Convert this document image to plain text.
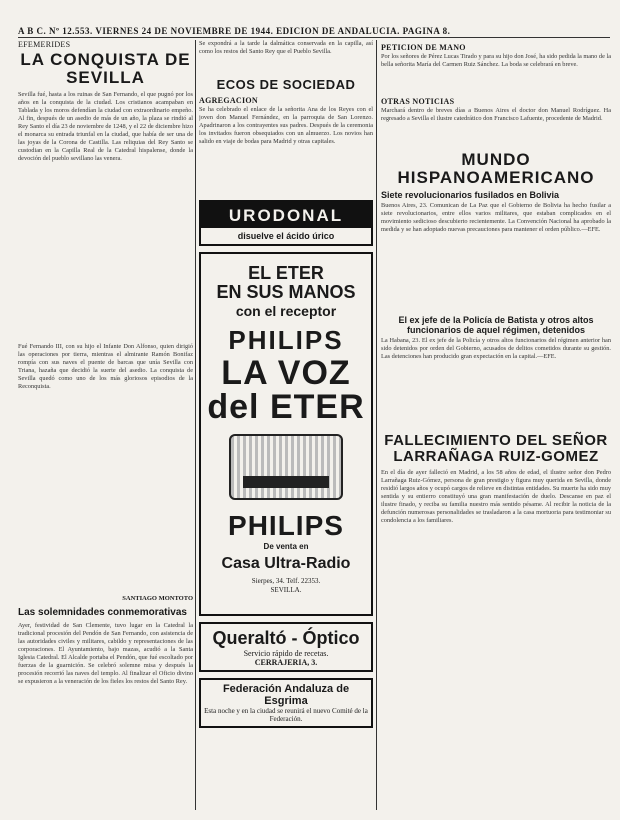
A B C. Nº 12.553. VIERNES 24 DE NOVIEMBRE DE 1944. EDICION DE ANDALUCIA. PAGINA 8.
EFEMERIDES
LA CONQUISTA DE SEVILLA

Sevilla fué, hasta a los ruinas de San Fernando, el que pugnó por los años en la conquista de la ciudad. Los cristianos acampaban en Tablada y los moros defendían la ciudad con extraordinario empeño. Al fin, después de un asedio de más de un año, la plaza se rindió al Rey Santo el día 23 de noviembre de 1248, y el 22 de diciembre hizo el monarca su entrada triunfal en la ciudad, que había de ser una de las joyas de la Corona de Castilla. Las reliquias del Rey Santo se custodian en la Capilla Real de la Catedral hispalense, donde la devoción del pueblo sevillano las venera.

Fué Fernando III, con su hijo el Infante Don Alfonso, quien dirigió las operaciones por tierra, mientras el almirante Ramón Bonifaz rompía con sus naves el puente de barcas que unía Sevilla con Triana, hazaña que decidió la suerte del asedio. La conquista de Sevilla quedó como uno de los más gloriosos episodios de la Reconquista.

SANTIAGO MONTOTO
Las solemnidades conmemorativas

Ayer, festividad de San Clemente, tuvo lugar en la Catedral la tradicional procesión del Pendón de San Fernando, con asistencia de las autoridades civiles y militares, cabildo y representaciones de las corporaciones. El Ayuntamiento, bajo mazas, acudió a la Santa Iglesia Catedral. El Alcalde portaba el Pendón, que fué escoltado por fuerzas de la guarnición. Se celebró solemne misa y después la procesión recorrió las naves del templo. Al finalizar el Oficio divino se expusieron a la veneración de los fieles los restos del Santo Rey.

Se expondrá a la tarde la dalmática conservada en la capilla, así como los restos del Santo Rey que el Pueblo Sevilla.

ECOS DE SOCIEDAD
AGREGACION

Se ha celebrado el enlace de la señorita Ana de los Reyes con el joven don Manuel Fernández, en la parroquia de San Lorenzo. Apadrinaron a los contrayentes sus padres. Después de la ceremonia los invitados fueron obsequiados con un almuerzo. Los novios han salido en viaje de bodas para Madrid y otras capitales.

URODONAL
disuelve el ácido úrico
EL ETER
EN SUS MANOS
con el receptor
PHILIPS
LA VOZ
del ETER
PHILIPS
De venta en
Casa Ultra-Radio
Sierpes, 34. Telf. 22353.
SEVILLA.
Queraltó - Óptico
Servicio rápido de recetas.
CERRAJERIA, 3.
Federación Andaluza de Esgrima
Esta noche y en la ciudad se reunirá el nuevo Comité de la Federación.
PETICION DE MANO

Por los señores de Pérez Lucas Tirado y para su hijo don José, ha sido pedida la mano de la bella señorita María del Carmen Ruiz Sánchez. La boda se celebrará en breve.

OTRAS NOTICIAS

Marchará dentro de breves días a Buenos Aires el doctor don Manuel Rodríguez. Ha regresado a Sevilla el ilustre catedrático don Francisco Lafuente, procedente de Madrid.

MUNDO HISPANOAMERICANO
Siete revolucionarios fusilados en Bolivia

Buenos Aires, 23. Comunican de La Paz que el Gobierno de Bolivia ha hecho fusilar a siete revolucionarios, entre ellos varios militares, que estaban complicados en el movimiento sedicioso descubierto recientemente. La Convención Nacional ha aprobado la medida y se han adoptado nuevas precauciones para mantener el orden público.—EFE.

El ex jefe de la Policía de Batista y otros altos funcionarios de aquel régimen, detenidos

La Habana, 23. El ex jefe de la Policía y otros altos funcionarios del régimen anterior han sido detenidos por orden del Gobierno, acusados de delitos cometidos durante su gestión. Las detenciones han producido gran expectación en la capital.—EFE.

FALLECIMIENTO DEL SEÑOR LARRAÑAGA RUIZ-GOMEZ

En el día de ayer falleció en Madrid, a los 58 años de edad, el ilustre señor don Pedro Larrañaga Ruiz-Gómez, persona de gran prestigio y figura muy querida en Sevilla, donde residió largos años y ocupó cargos de relieve en distintas entidades. Su muerte ha sido muy sentida y su entierro constituyó una gran manifestación de duelo. Descanse en paz el ilustre finado, y reciba su familia nuestro más sentido pésame. Al recibir la noticia de la defunción numerosas personalidades se trasladaron a la casa mortuoria para testimoniar su condolencia a los familiares.
